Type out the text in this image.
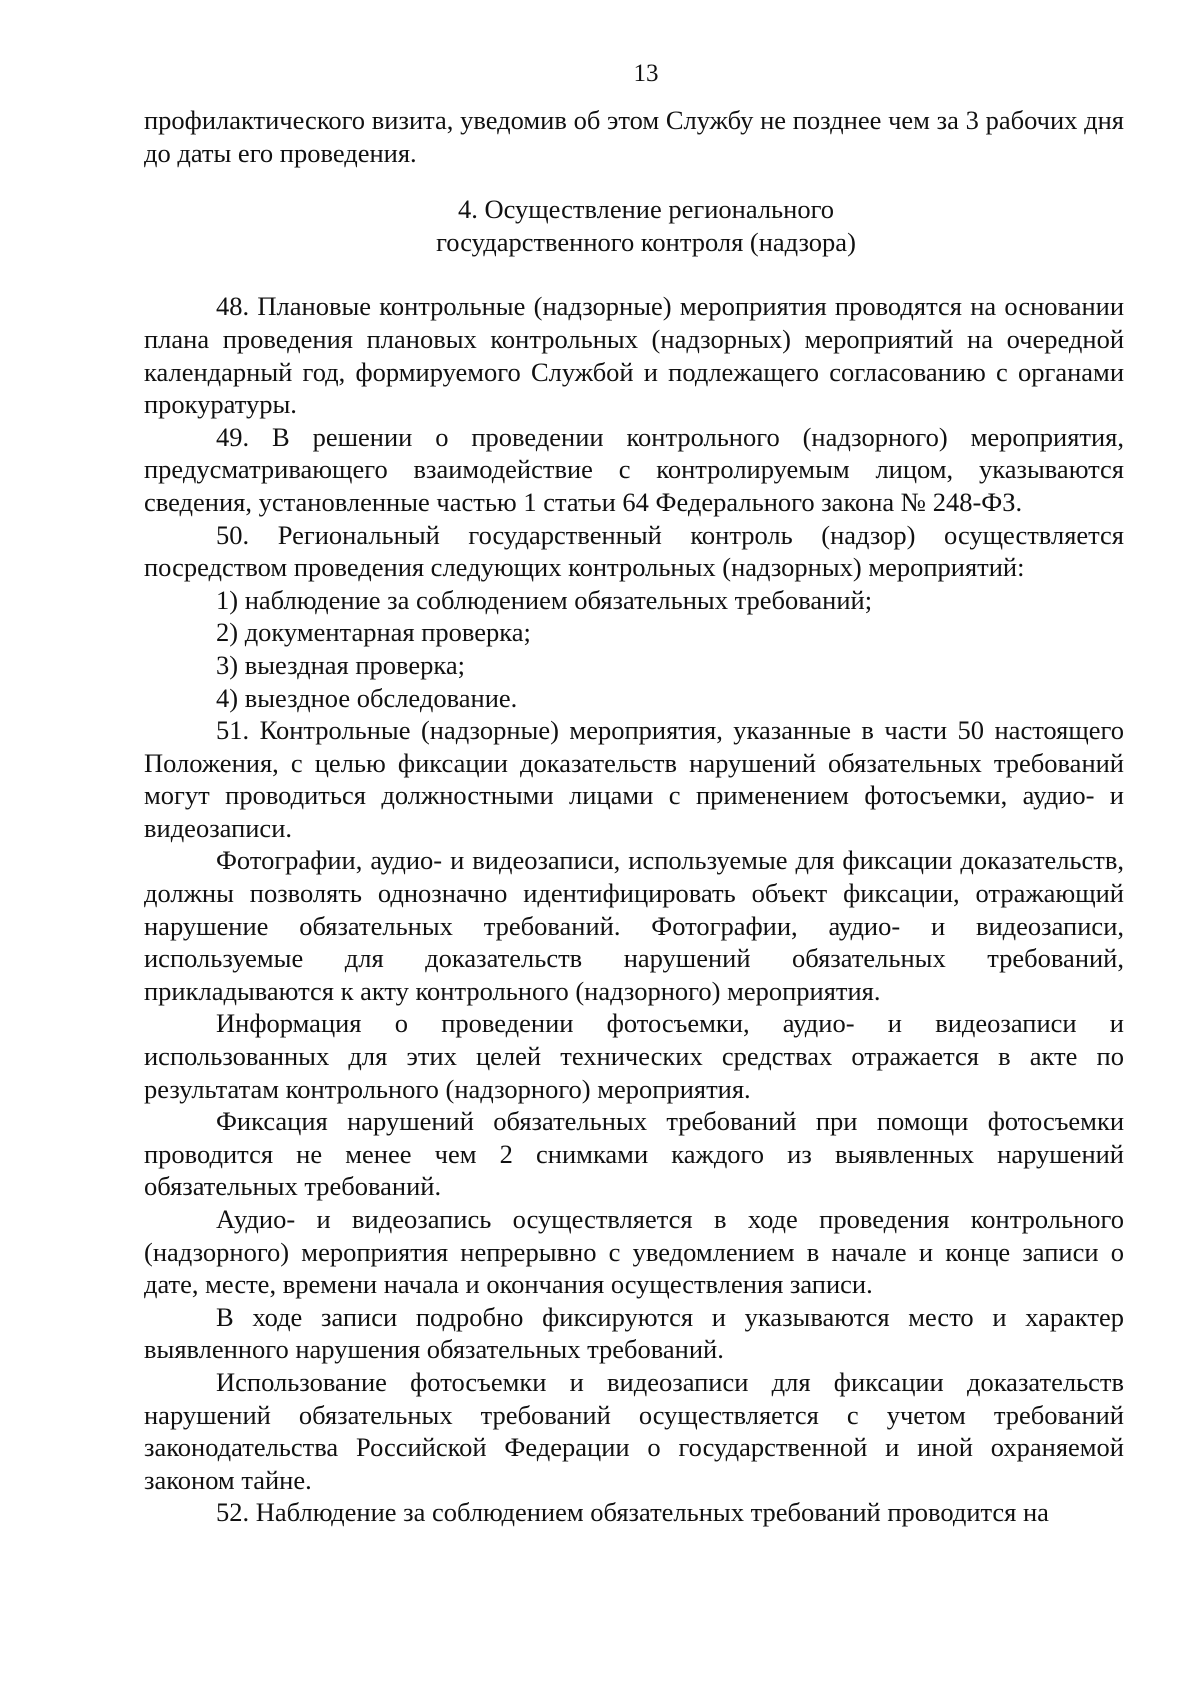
13

профилактического визита, уведомив об этом Службу не позднее чем за 3 рабочих дня до даты его проведения.

4. Осуществление регионального

государственного контроля (надзора)

48. Плановые контрольные (надзорные) мероприятия проводятся на основании плана проведения плановых контрольных (надзорных) мероприятий на очередной календарный год, формируемого Службой и подлежащего согласованию с органами прокуратуры.

49. В решении о проведении контрольного (надзорного) мероприятия, предусматривающего взаимодействие с контролируемым лицом, указываются сведения, установленные частью 1 статьи 64 Федерального закона № 248-ФЗ.

50. Региональный государственный контроль (надзор) осуществляется посредством проведения следующих контрольных (надзорных) мероприятий:

1) наблюдение за соблюдением обязательных требований;

2) документарная проверка;

3) выездная проверка;

4) выездное обследование.

51. Контрольные (надзорные) мероприятия, указанные в части 50 настоящего Положения, с целью фиксации доказательств нарушений обязательных требований могут проводиться должностными лицами с применением фотосъемки, аудио- и видеозаписи.

Фотографии, аудио- и видеозаписи, используемые для фиксации доказательств, должны позволять однозначно идентифицировать объект фиксации, отражающий нарушение обязательных требований. Фотографии, аудио- и видеозаписи, используемые для доказательств нарушений обязательных требований, прикладываются к акту контрольного (надзорного) мероприятия.

Информация о проведении фотосъемки, аудио- и видеозаписи и использованных для этих целей технических средствах отражается в акте по результатам контрольного (надзорного) мероприятия.

Фиксация нарушений обязательных требований при помощи фотосъемки проводится не менее чем 2 снимками каждого из выявленных нарушений обязательных требований.

Аудио- и видеозапись осуществляется в ходе проведения контрольного (надзорного) мероприятия непрерывно с уведомлением в начале и конце записи о дате, месте, времени начала и окончания осуществления записи.

В ходе записи подробно фиксируются и указываются место и характер выявленного нарушения обязательных требований.

Использование фотосъемки и видеозаписи для фиксации доказательств нарушений обязательных требований осуществляется с учетом требований законодательства Российской Федерации о государственной и иной охраняемой законом тайне.

52. Наблюдение за соблюдением обязательных требований проводится на
